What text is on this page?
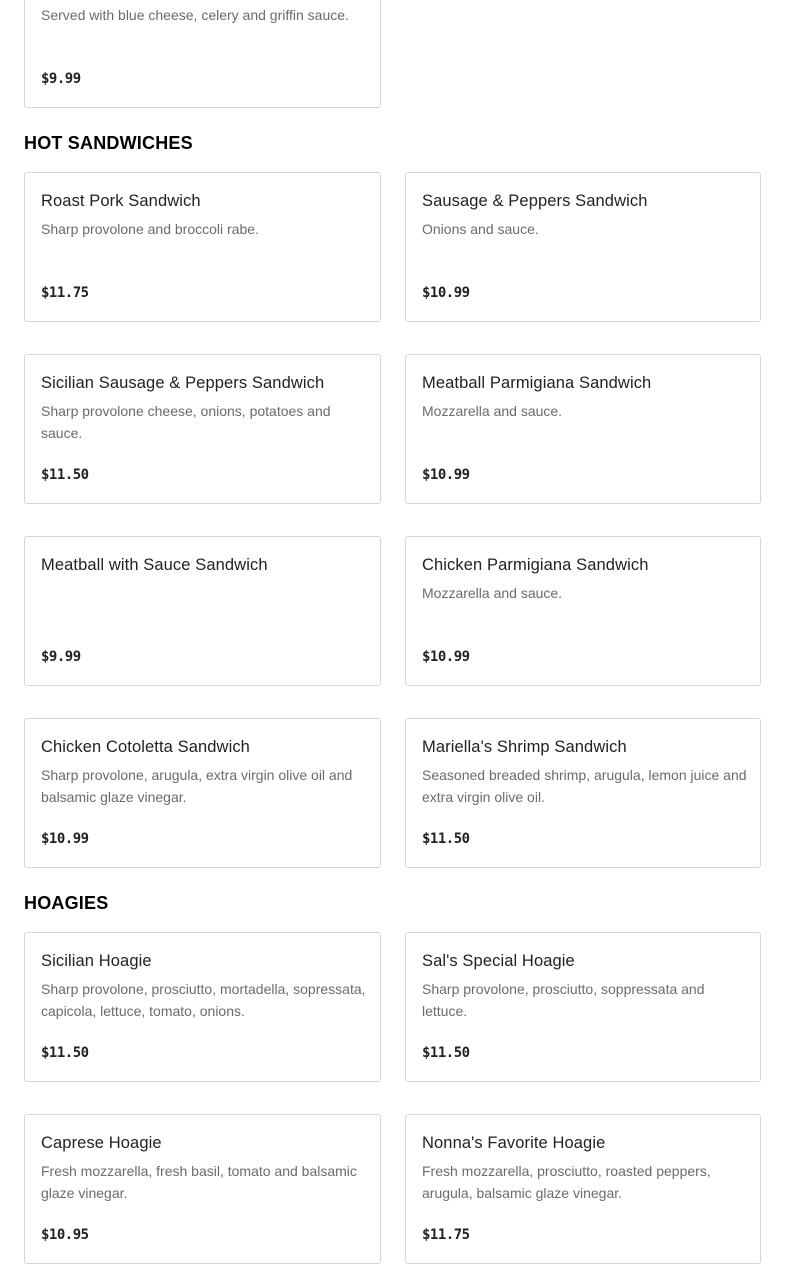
Served with blue cheese, celery and griffin sauce.
$9.99
HOT SANDWICHES
Roast Pork Sandwich
Sharp provolone and broccoli rabe.
$11.75
Sausage & Peppers Sandwich
Onions and sauce.
$10.99
Sicilian Sausage & Peppers Sandwich
Sharp provolone cheese, onions, potatoes and sauce.
$11.50
Meatball Parmigiana Sandwich
Mozzarella and sauce.
$10.99
Meatball with Sauce Sandwich
$9.99
Chicken Parmigiana Sandwich
Mozzarella and sauce.
$10.99
Chicken Cotoletta Sandwich
Sharp provolone, arugula, extra virgin olive oil and balsamic glaze vinegar.
$10.99
Mariella's Shrimp Sandwich
Seasoned breaded shrimp, arugula, lemon juice and extra virgin olive oil.
$11.50
HOAGIES
Sicilian Hoagie
Sharp provolone, prosciutto, mortadella, sopressata, capicola, lettuce, tomato, onions.
$11.50
Sal's Special Hoagie
Sharp provolone, prosciutto, soppressata and lettuce.
$11.50
Caprese Hoagie
Fresh mozzarella, fresh basil, tomato and balsamic glaze vinegar.
$10.95
Nonna's Favorite Hoagie
Fresh mozzarella, prosciutto, roasted peppers, arugula, balsamic glaze vinegar.
$11.75
